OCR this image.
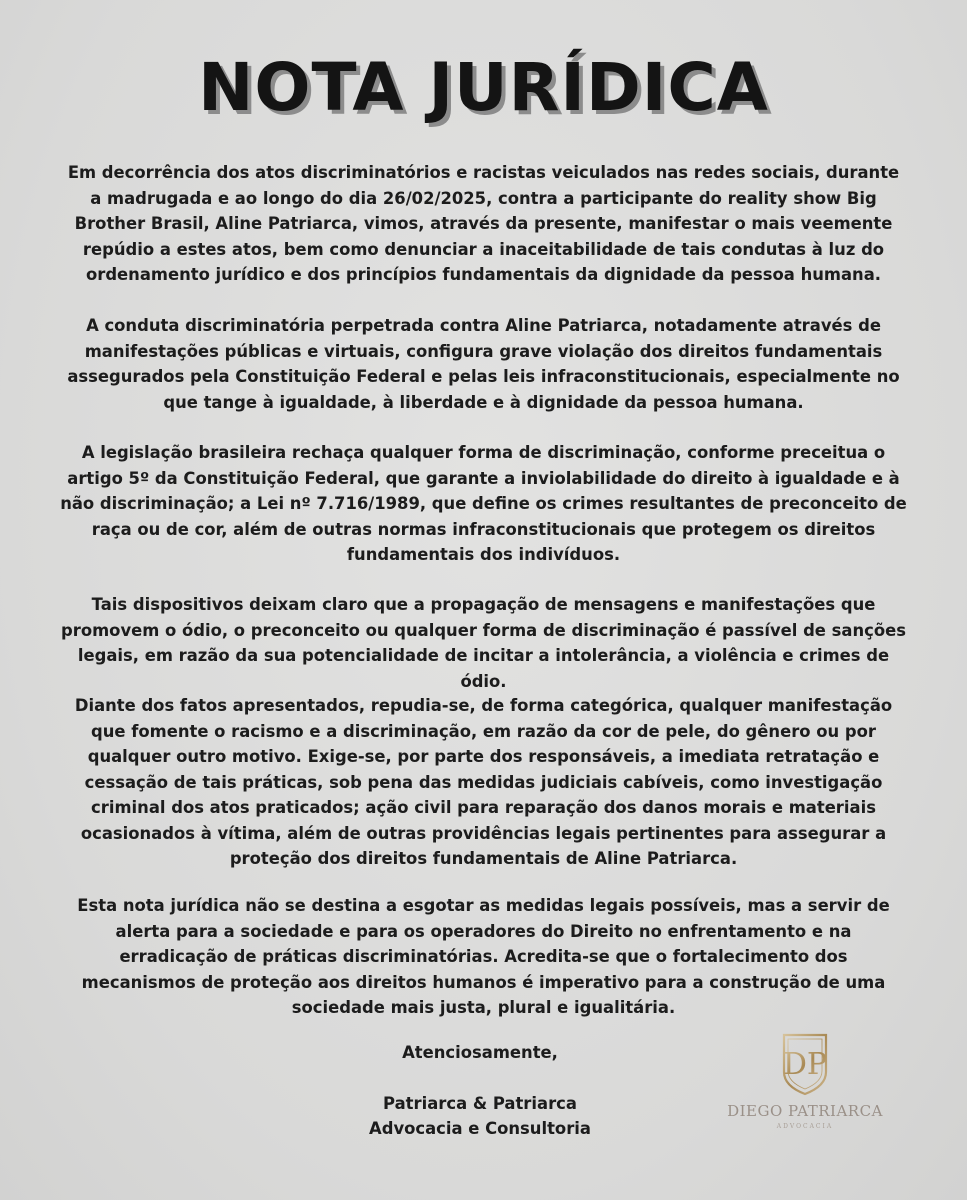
NOTA JURÍDICA

Em decorrência dos atos discriminatórios e racistas veiculados nas redes sociais, durante a madrugada e ao longo do dia 26/02/2025, contra a participante do reality show Big Brother Brasil, Aline Patriarca, vimos, através da presente, manifestar o mais veemente repúdio a estes atos, bem como denunciar a inaceitabilidade de tais condutas à luz do ordenamento jurídico e dos princípios fundamentais da dignidade da pessoa humana.

A conduta discriminatória perpetrada contra Aline Patriarca, notadamente através de manifestações públicas e virtuais, configura grave violação dos direitos fundamentais assegurados pela Constituição Federal e pelas leis infraconstitucionais, especialmente no que tange à igualdade, à liberdade e à dignidade da pessoa humana.

A legislação brasileira rechaça qualquer forma de discriminação, conforme preceitua o artigo 5º da Constituição Federal, que garante a inviolabilidade do direito à igualdade e à não discriminação; a Lei nº 7.716/1989, que define os crimes resultantes de preconceito de raça ou de cor, além de outras normas infraconstitucionais que protegem os direitos fundamentais dos indivíduos.

Tais dispositivos deixam claro que a propagação de mensagens e manifestações que promovem o ódio, o preconceito ou qualquer forma de discriminação é passível de sanções legais, em razão da sua potencialidade de incitar a intolerância, a violência e crimes de ódio.

Diante dos fatos apresentados, repudia-se, de forma categórica, qualquer manifestação que fomente o racismo e a discriminação, em razão da cor de pele, do gênero ou por qualquer outro motivo. Exige-se, por parte dos responsáveis, a imediata retratação e cessação de tais práticas, sob pena das medidas judiciais cabíveis, como investigação criminal dos atos praticados; ação civil para reparação dos danos morais e materiais ocasionados à vítima, além de outras providências legais pertinentes para assegurar a proteção dos direitos fundamentais de Aline Patriarca.

Esta nota jurídica não se destina a esgotar as medidas legais possíveis, mas a servir de alerta para a sociedade e para os operadores do Direito no enfrentamento e na erradicação de práticas discriminatórias. Acredita-se que o fortalecimento dos mecanismos de proteção aos direitos humanos é imperativo para a construção de uma sociedade mais justa, plural e igualitária.

Atenciosamente,
Patriarca & Patriarca
Advocacia e Consultoria
DP
DIEGO PATRIARCA
ADVOCACIA
